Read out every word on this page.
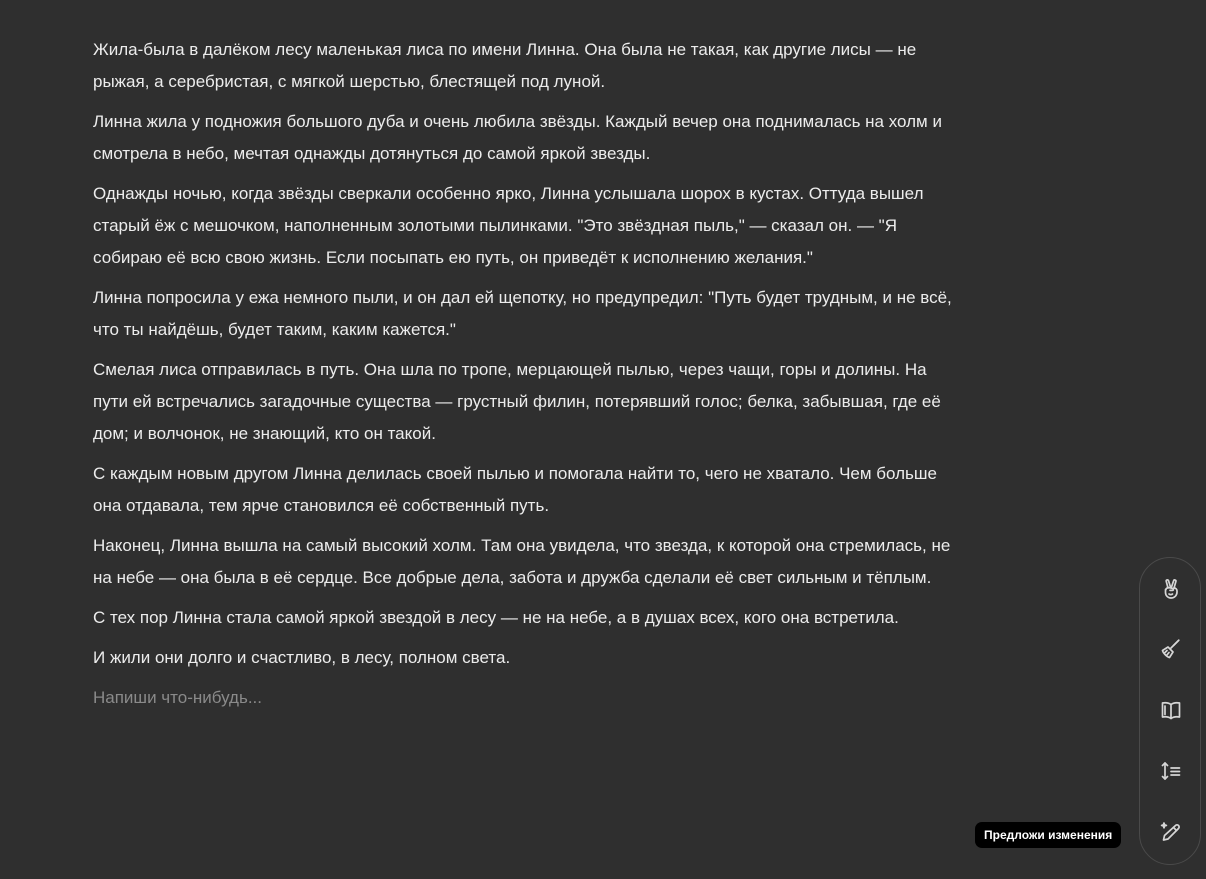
Жила-была в далёком лесу маленькая лиса по имени Линна. Она была не такая, как другие лисы — не рыжая, а серебристая, с мягкой шерстью, блестящей под луной.

Линна жила у подножия большого дуба и очень любила звёзды. Каждый вечер она поднималась на холм и смотрела в небо, мечтая однажды дотянуться до самой яркой звезды.

Однажды ночью, когда звёзды сверкали особенно ярко, Линна услышала шорох в кустах. Оттуда вышел старый ёж с мешочком, наполненным золотыми пылинками. "Это звёздная пыль," — сказал он. — "Я собираю её всю свою жизнь. Если посыпать ею путь, он приведёт к исполнению желания."

Линна попросила у ежа немного пыли, и он дал ей щепотку, но предупредил: "Путь будет трудным, и не всё, что ты найдёшь, будет таким, каким кажется."

Смелая лиса отправилась в путь. Она шла по тропе, мерцающей пылью, через чащи, горы и долины. На пути ей встречались загадочные существа — грустный филин, потерявший голос; белка, забывшая, где её дом; и волчонок, не знающий, кто он такой.

С каждым новым другом Линна делилась своей пылью и помогала найти то, чего не хватало. Чем больше она отдавала, тем ярче становился её собственный путь.

Наконец, Линна вышла на самый высокий холм. Там она увидела, что звезда, к которой она стремилась, не на небе — она была в её сердце. Все добрые дела, забота и дружба сделали её свет сильным и тёплым.

С тех пор Линна стала самой яркой звездой в лесу — не на небе, а в душах всех, кого она встретила.

И жили они долго и счастливо, в лесу, полном света.

Напиши что-нибудь...

Предложи изменения
